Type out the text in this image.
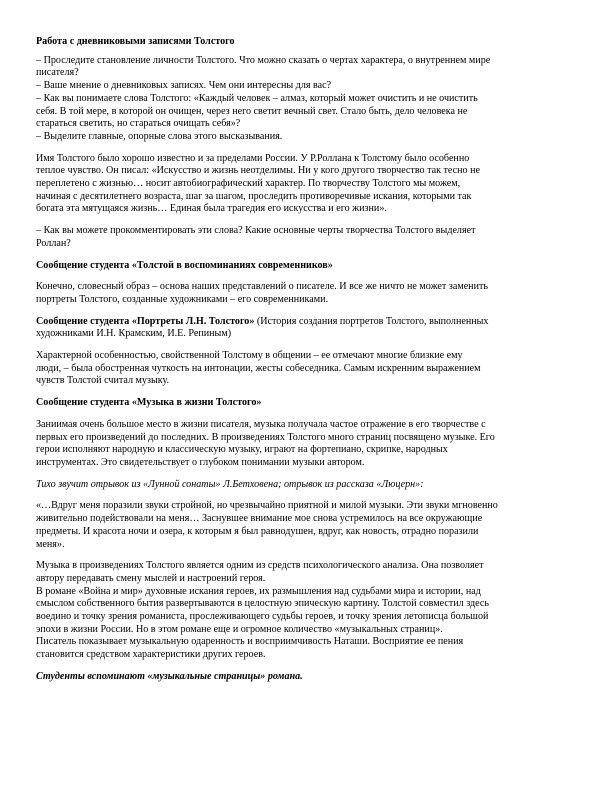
Работа с дневниковыми записями Толстого
– Проследите становление личности Толстого. Что можно сказать о чертах характера, о внутреннем мире
писателя?
– Ваше мнение о дневниковых записях. Чем они интересны для вас?
– Как вы понимаете слова Толстого: «Каждый человек – алмаз, который может очистить и не очистить
себя. В той мере, в которой он очищен, через него светит вечный свет. Стало быть, дело человека не
стараться светить, но стараться очищать себя»?
– Выделите главные, опорные слова этого высказывания.
Имя Толстого было хорошо известно и за пределами России. У Р.Роллана к Толстому было особенно
теплое чувство. Он писал: «Искусство и жизнь неотделимы. Ни у кого другого творчество так тесно не
переплетено с жизнью… носит автобиографический характер. По творчеству Толстого мы можем,
начиная с десятилетнего возраста, шаг за шагом, проследить противоречивые искания, которыми так
богата эта мятущаяся жизнь… Единая была трагедия его искусства и его жизни».
– Как вы можете прокомментировать эти слова? Какие основные черты творчества Толстого выделяет
Роллан?
Сообщение студента «Толстой в воспоминаниях современников»
Конечно, словесный образ – основа наших представлений о писателе. И все же ничто не может заменить
портреты Толстого, созданные художниками – его современниками.
Сообщение студента «Портреты Л.Н. Толстого» (История создания портретов Толстого, выполненных
художниками И.Н. Крамским, И.Е. Репиным)
Характерной особенностью, свойственной Толстому в общении – ее отмечают многие близкие ему
люди, – была обостренная чуткость на интонации, жесты собеседника. Самым искренним выражением
чувств Толстой считал музыку.
Сообщение студента «Музыка в жизни Толстого»
Заниимая очень большое место в жизни писателя, музыка получала частое отражение в его творчестве с
первых его произведений до последних. В произведениях Толстого много страниц посвящено музыке. Его
герои исполняют народную и классическую музыку, играют на фортепиано, скрипке, народных
инструментах. Это свидетельствует о глубоком понимании музыки автором.
Тихо звучит отрывок из «Лунной сонаты» Л.Бетховена; отрывок из рассказа «Люцерн»:
«…Вдруг меня поразили звуки стройной, но чрезвычайно приятной и милой музыки. Эти звуки мгновенно
живительно подействовали на меня… Заснувшее внимание мое снова устремилось на все окружающие
предметы. И красота ночи и озера, к которым я был равнодушен, вдруг, как новость, отрадно поразили
меня».
Музыка в произведениях Толстого является одним из средств психологического анализа. Она позволяет
автору передавать смену мыслей и настроений героя.
В романе «Война и мир» духовные искания героев, их размышления над судьбами мира и истории, над
смыслом собственного бытия развертываются в целостную эпическую картину. Толстой совместил здесь
воедино и точку зрения романиста, прослеживающего судьбы героев, и точку зрения летописца большой
эпохи в жизни России. Но в этом романе еще и огромное количество «музыкальных страниц».
Писатель показывает музыкальную одаренность и восприимчивость Наташи. Восприятие ее пения
становится средством характеристики других героев.
Студенты вспоминают «музыкальные страницы» романа.
